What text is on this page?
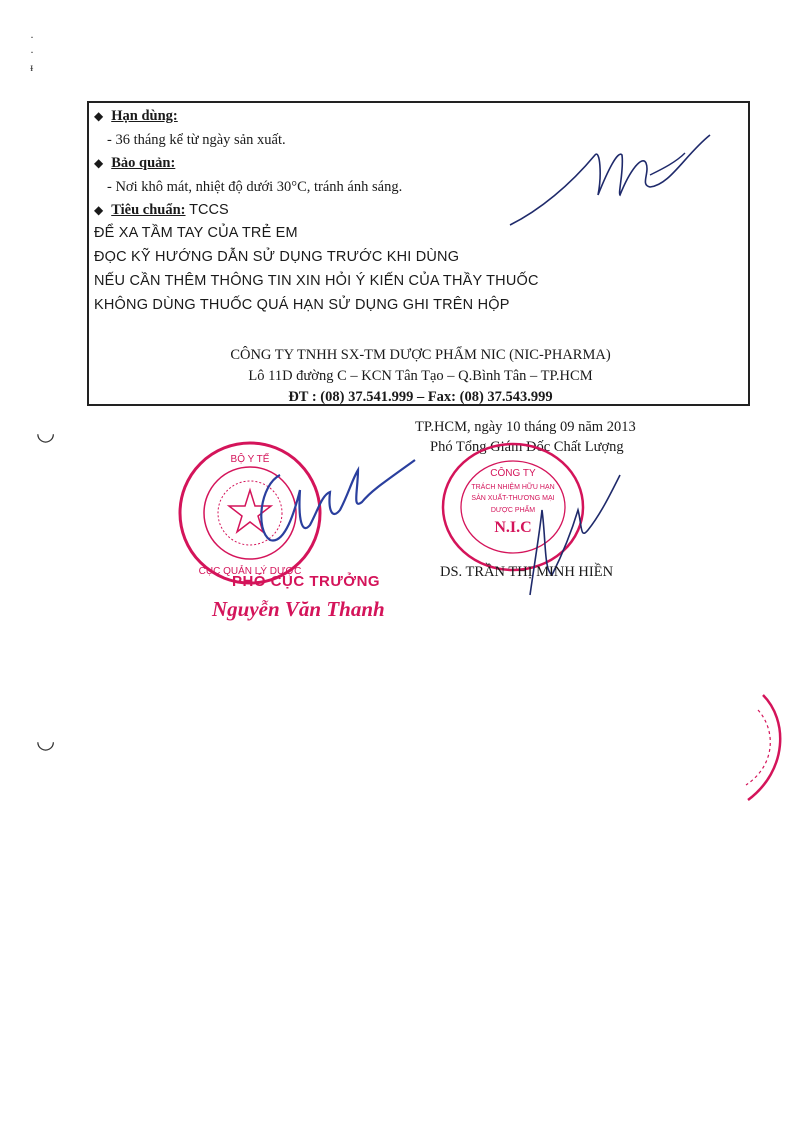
·
·
ᵻ
◡
◡
◆ Hạn dùng:
- 36 tháng kể từ ngày sản xuất.
◆ Bảo quản:
- Nơi khô mát, nhiệt độ dưới 30°C, tránh ánh sáng.
◆ Tiêu chuẩn: TCCS
ĐỂ XA TẦM TAY CỦA TRẺ EM
ĐỌC KỸ HƯỚNG DẪN SỬ DỤNG TRƯỚC KHI DÙNG
NẾU CẦN THÊM THÔNG TIN XIN HỎI Ý KIẾN CỦA THẦY THUỐC
KHÔNG DÙNG THUỐC QUÁ HẠN SỬ DỤNG GHI TRÊN HỘP
CÔNG TY TNHH SX-TM DƯỢC PHẨM NIC (NIC-PHARMA)
Lô 11D đường C – KCN Tân Tạo – Q.Bình Tân – TP.HCM
ĐT : (08) 37.541.999 – Fax: (08) 37.543.999
TP.HCM, ngày 10 tháng 09 năm 2013
Phó Tổng Giám Đốc Chất Lượng
BỘ Y TẾ
CỤC QUẢN LÝ DƯỢC
PHÓ CỤC TRƯỞNG
Nguyễn Văn Thanh
CÔNG TY
TRÁCH NHIỆM HỮU HẠN
SẢN XUẤT-THƯƠNG MẠI
DƯỢC PHẨM
N.I.C
DS. TRẦN THỊ MINH HIỀN
